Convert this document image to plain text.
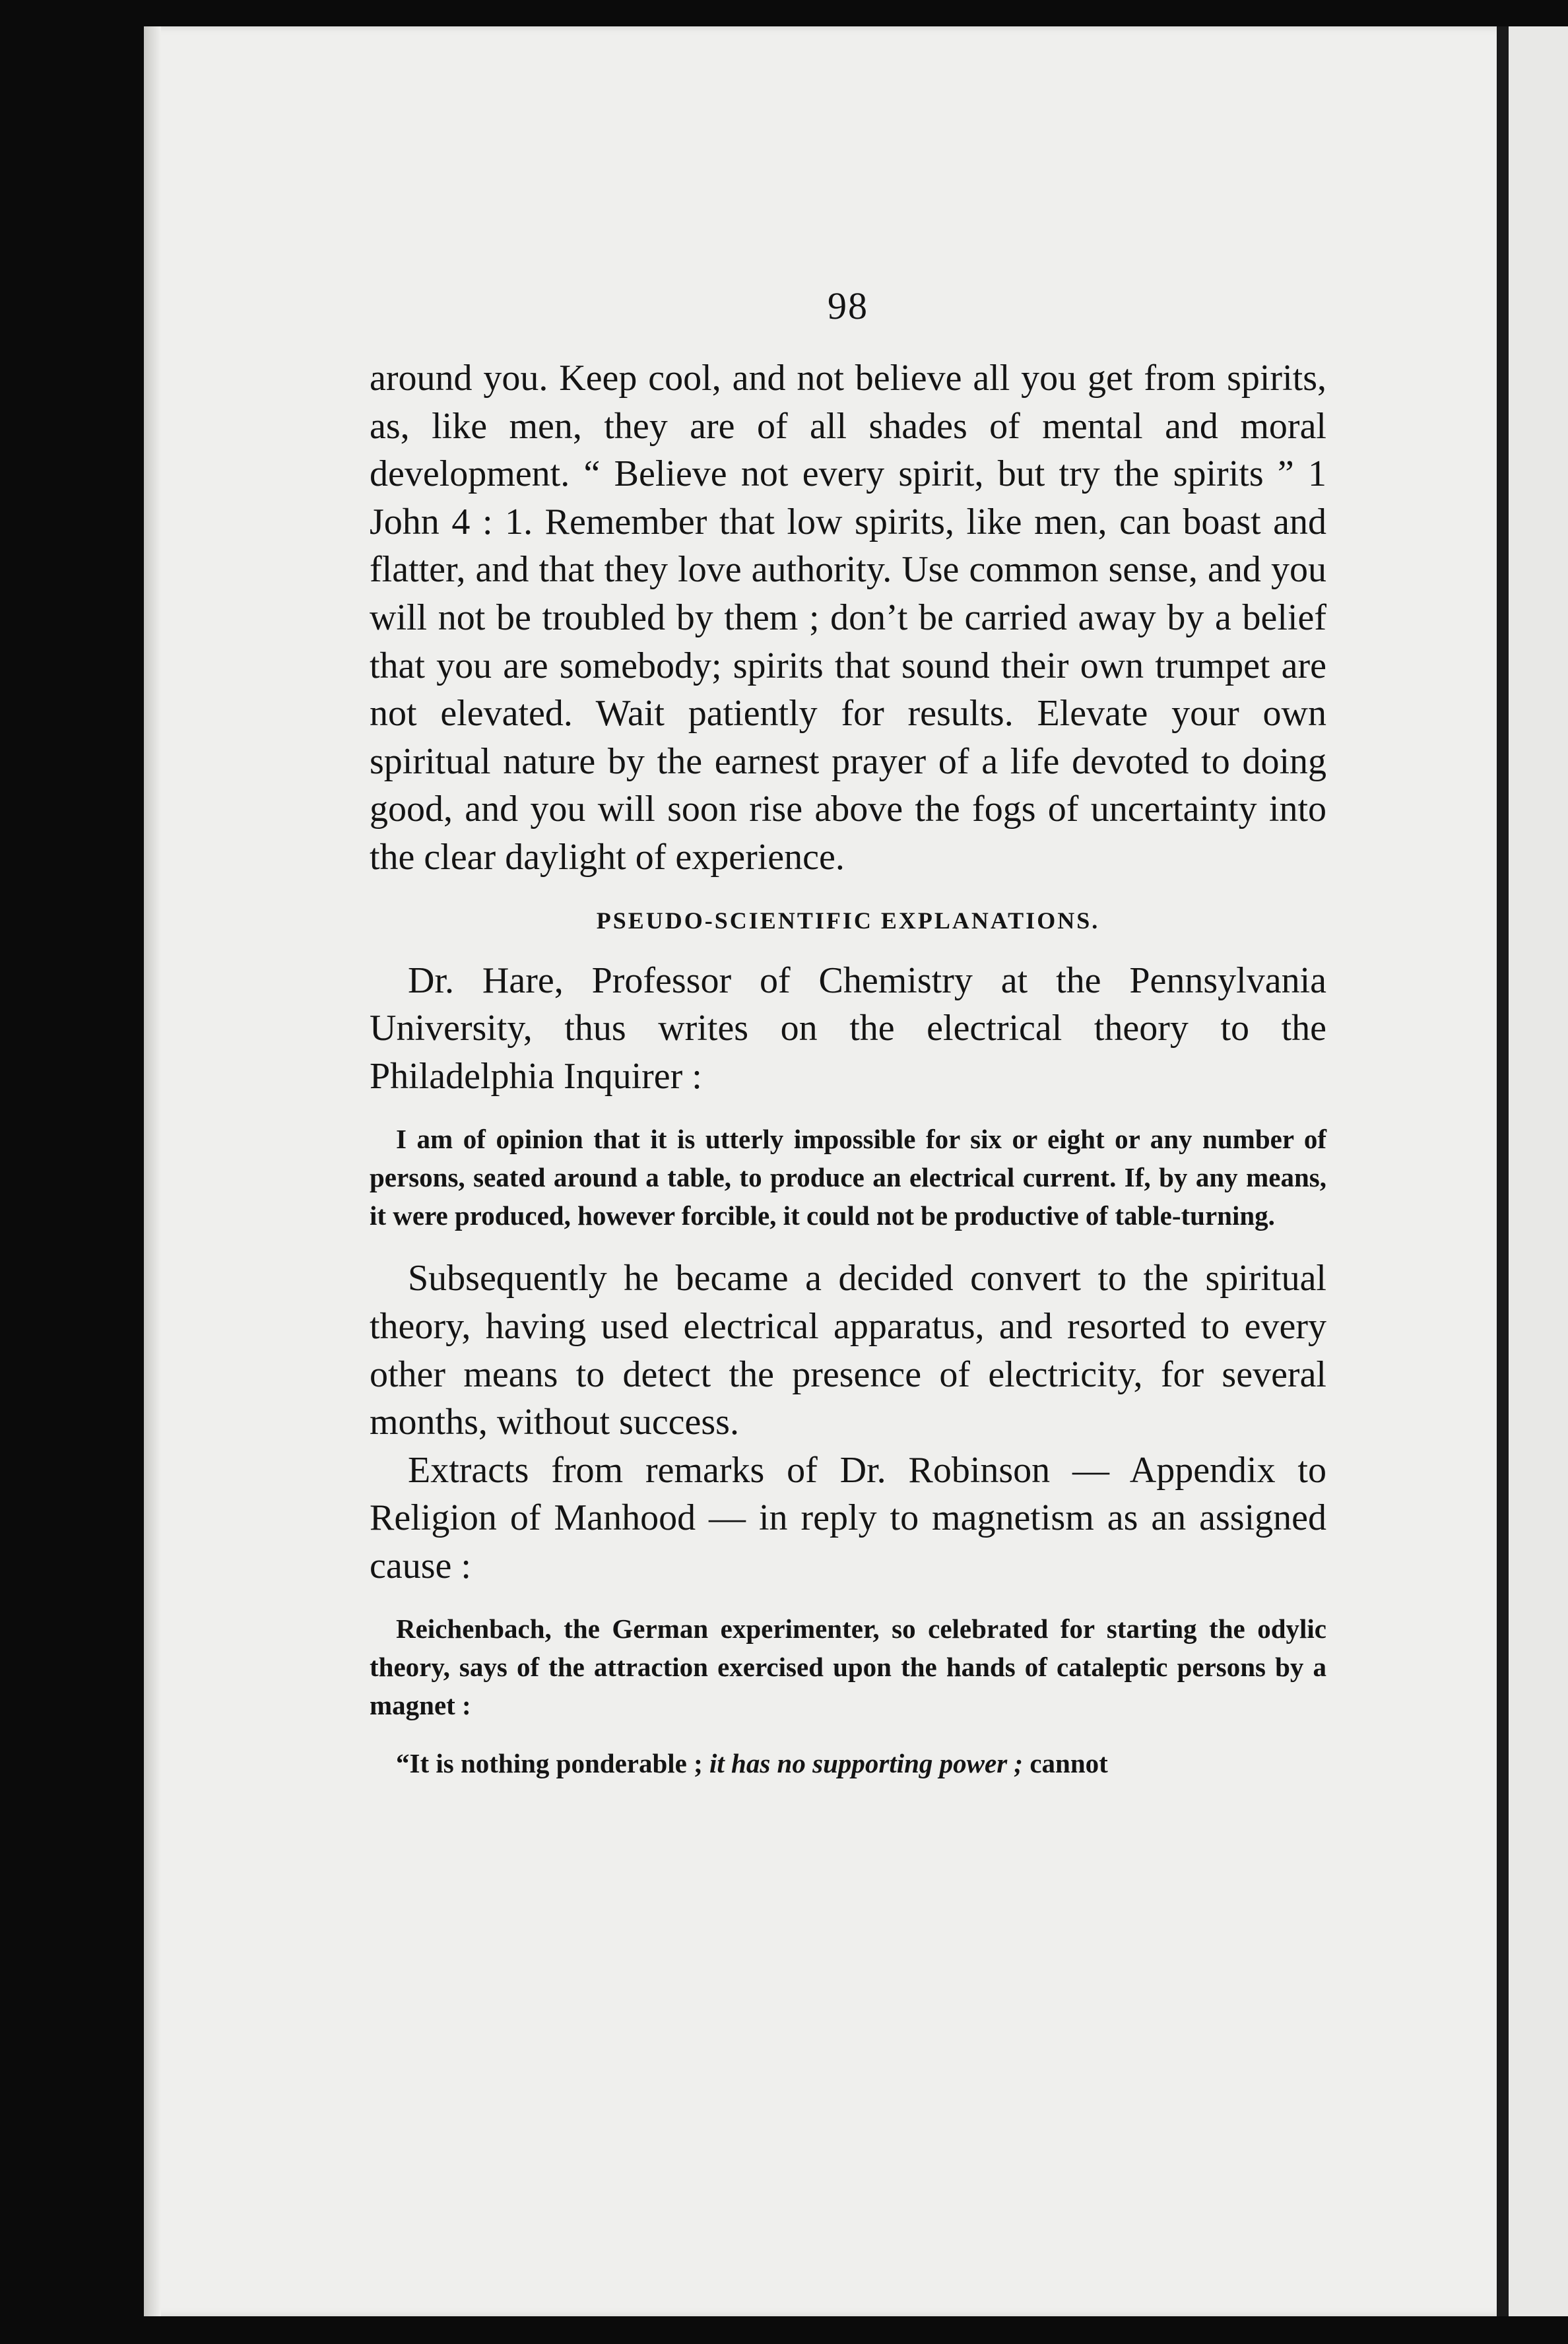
98

around you. Keep cool, and not believe all you get from spirits, as, like men, they are of all shades of mental and moral development. “ Believe not every spirit, but try the spirits ” 1 John 4 : 1. Remember that low spirits, like men, can boast and flatter, and that they love authority. Use common sense, and you will not be troubled by them ; don’t be carried away by a belief that you are somebody; spirits that sound their own trumpet are not elevated. Wait patiently for results. Elevate your own spiritual nature by the earnest prayer of a life devoted to doing good, and you will soon rise above the fogs of uncertainty into the clear daylight of experience.

PSEUDO-SCIENTIFIC EXPLANATIONS.

Dr. Hare, Professor of Chemistry at the Pennsylvania University, thus writes on the electrical theory to the Philadelphia Inquirer :

I am of opinion that it is utterly impossible for six or eight or any number of persons, seated around a table, to produce an electrical current. If, by any means, it were produced, however forcible, it could not be productive of table-turning.

Subsequently he became a decided convert to the spiritual theory, having used electrical apparatus, and resorted to every other means to detect the presence of electricity, for several months, without success.

Extracts from remarks of Dr. Robinson — Appendix to Religion of Manhood — in reply to magnetism as an assigned cause :

Reichenbach, the German experimenter, so celebrated for starting the odylic theory, says of the attraction exercised upon the hands of cataleptic persons by a magnet :

“It is nothing ponderable ; it has no supporting power ; cannot
